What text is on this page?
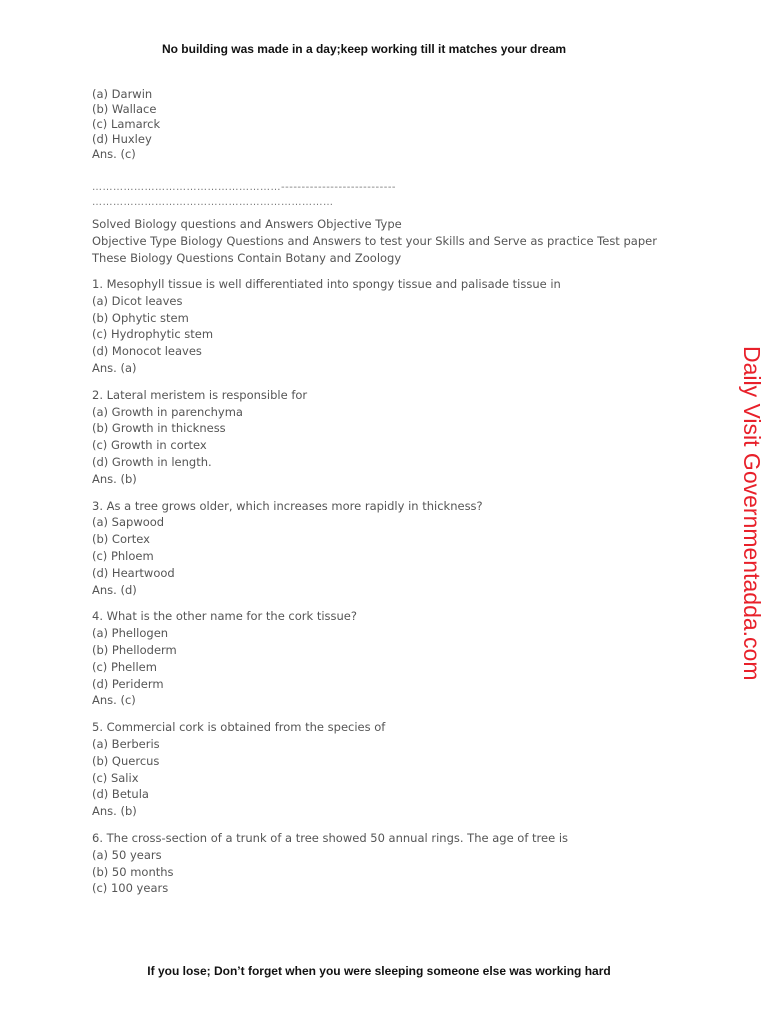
No building was made in a day;keep working till it matches your dream
(a) Darwin
(b) Wallace
(c) Lamarck
(d) Huxley
Ans. (c)
………………………………………………----------------------------
……………………………………………………………
Solved Biology questions and Answers Objective Type
Objective Type Biology Questions and Answers to test your Skills and Serve as practice Test paper
These Biology Questions Contain Botany and Zoology
1. Mesophyll tissue is well differentiated into spongy tissue and palisade tissue in
(a) Dicot leaves
(b) Ophytic stem
(c) Hydrophytic stem
(d) Monocot leaves
Ans. (a)
2. Lateral meristem is responsible for
(a) Growth in parenchyma
(b) Growth in thickness
(c) Growth in cortex
(d) Growth in length.
Ans. (b)
3. As a tree grows older, which increases more rapidly in thickness?
(a) Sapwood
(b) Cortex
(c) Phloem
(d) Heartwood
Ans. (d)
4. What is the other name for the cork tissue?
(a) Phellogen
(b) Phelloderm
(c) Phellem
(d) Periderm
Ans. (c)
5. Commercial cork is obtained from the species of
(a) Berberis
(b) Quercus
(c) Salix
(d) Betula
Ans. (b)
6. The cross-section of a trunk of a tree showed 50 annual rings. The age of tree is
(a) 50 years
(b) 50 months
(c) 100 years
Daily Visit Governmentadda.com
If you lose; Don’t forget when you were sleeping someone else was working hard
